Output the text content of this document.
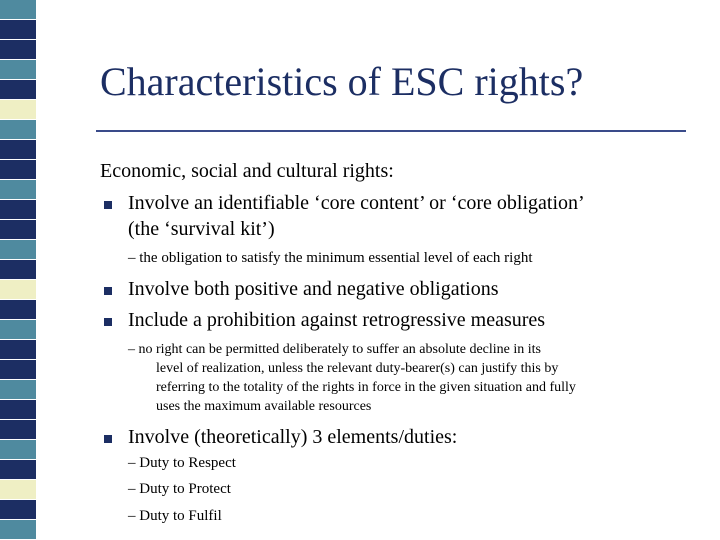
Characteristics of ESC rights?
Economic, social and cultural rights:
Involve an identifiable ‘core content’ or ‘core obligation’
(the ‘survival kit’)
– the obligation to satisfy the minimum essential level of each right
Involve both positive and negative obligations
Include a prohibition against retrogressive measures
– no right can be permitted deliberately to suffer an absolute decline in its
level of realization, unless the relevant duty-bearer(s) can justify this by
referring to the totality of the rights in force in the given situation and fully
uses the maximum available resources
Involve (theoretically) 3 elements/duties:
– Duty to Respect
– Duty to Protect
– Duty to Fulfil
